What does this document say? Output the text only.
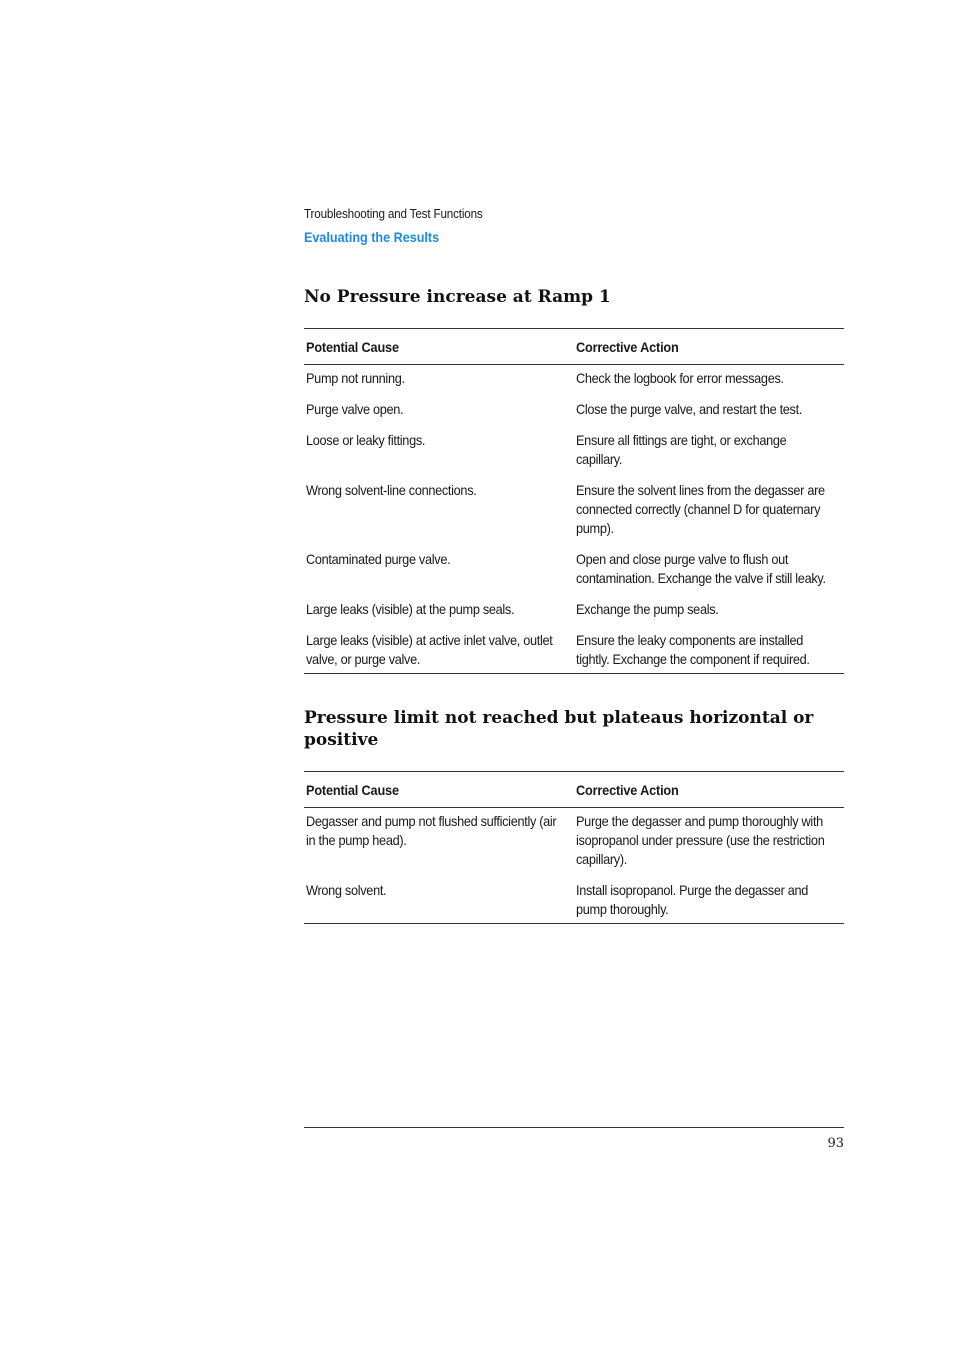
Troubleshooting and Test Functions
Evaluating the Results
No Pressure increase at Ramp 1
Potential Cause	Corrective Action
Pump not running.	Check the logbook for error messages.
Purge valve open.	Close the purge valve, and restart the test.
Loose or leaky fittings.	Ensure all fittings are tight, or exchange capillary.
Wrong solvent-line connections.	Ensure the solvent lines from the degasser are connected correctly (channel D for quaternary pump).
Contaminated purge valve.	Open and close purge valve to flush out contamination. Exchange the valve if still leaky.
Large leaks (visible) at the pump seals.	Exchange the pump seals.
Large leaks (visible) at active inlet valve, outlet valve, or purge valve.	Ensure the leaky components are installed tightly. Exchange the component if required.
Pressure limit not reached but plateaus horizontal or positive
Potential Cause	Corrective Action
Degasser and pump not flushed sufficiently (air in the pump head).	Purge the degasser and pump thoroughly with isopropanol under pressure (use the restriction capillary).
Wrong solvent.	Install isopropanol. Purge the degasser and pump thoroughly.
93
